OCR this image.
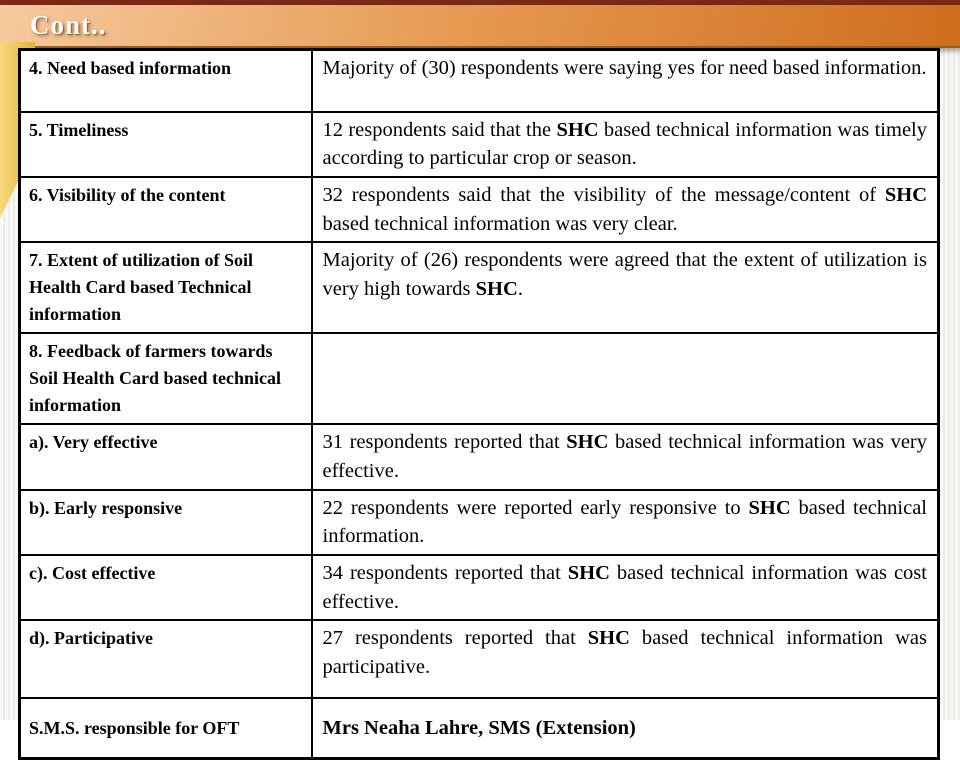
Cont..
4. Need based information	Majority of (30) respondents were saying yes for need based information.
5. Timeliness	12 respondents said that the SHC based technical information was timely according to particular crop or season.
6. Visibility of the content	32 respondents said that the visibility of the message/content of SHC based technical information was very clear.
7. Extent of utilization of Soil Health Card based Technical information	Majority of (26) respondents were agreed that the extent of utilization is very high towards SHC.
8. Feedback of farmers towards Soil Health Card based technical information	
a). Very effective	31 respondents reported that SHC based technical information was very effective.
b). Early responsive	22 respondents were reported early responsive to SHC based technical information.
c). Cost effective	34 respondents reported that SHC based technical information was cost effective.
d). Participative	27 respondents reported that SHC based technical information was participative.
S.M.S. responsible for OFT	Mrs Neaha Lahre, SMS (Extension)
